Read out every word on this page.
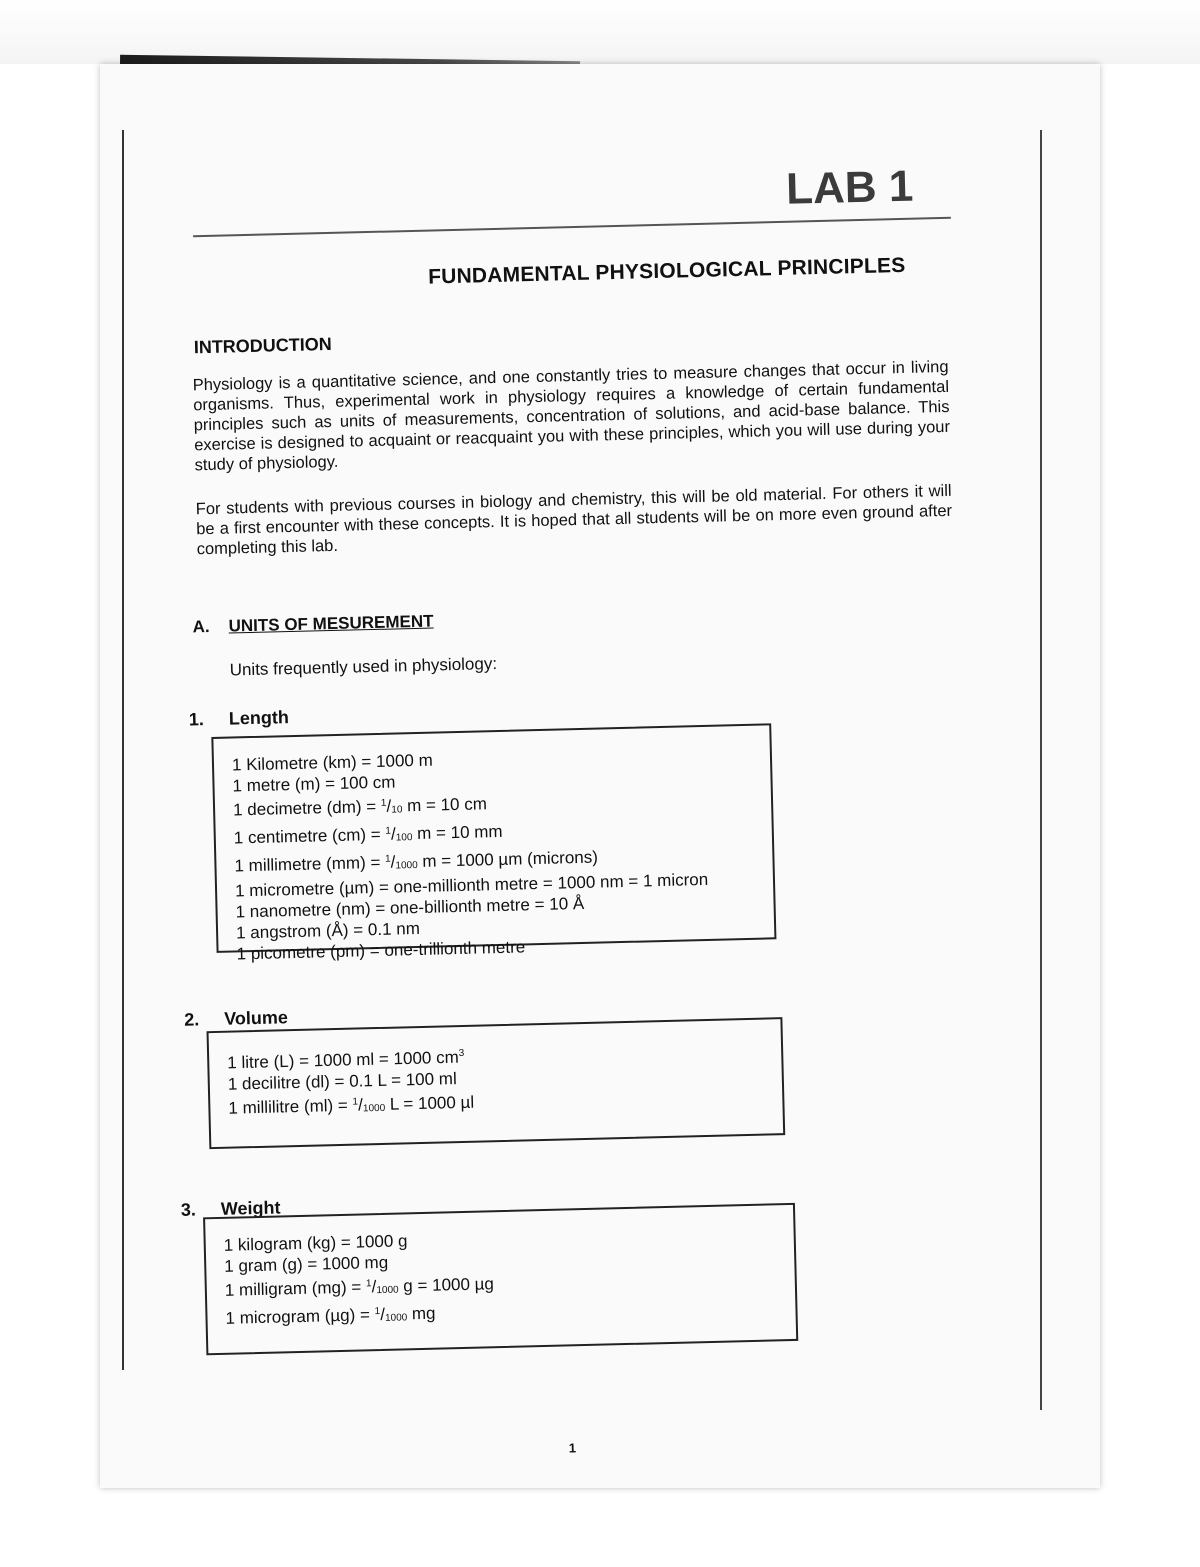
LAB 1
FUNDAMENTAL PHYSIOLOGICAL PRINCIPLES
INTRODUCTION
Physiology is a quantitative science, and one constantly tries to measure changes that occur in living organisms. Thus, experimental work in physiology requires a knowledge of certain fundamental principles such as units of measurements, concentration of solutions, and acid-base balance. This exercise is designed to acquaint or reacquaint you with these principles, which you will use during your study of physiology.
For students with previous courses in biology and chemistry, this will be old material. For others it will be a first encounter with these concepts. It is hoped that all students will be on more even ground after completing this lab.
A. UNITS OF MESUREMENT
Units frequently used in physiology:
1. Length
1 Kilometre (km) = 1000 m
1 metre (m) = 100 cm
1 decimetre $(dm) = ^1/_{10}$ m = 10 cm
1 centimetre $(cm) = ^1/_{100}$ m = 10 mm
1 millimetre $(mm) = ^1/_{1000}$ m = 1000 µm (microns)
1 micrometre (µm) = one-millionth metre = 1000 nm = 1 micron
1 nanometre (nm) = one-billionth metre = 10 Å
1 angstrom (Å) = 0.1 nm
1 picometre (pm) = one-trillionth metre
2. Volume
1 litre (L) = 1000 ml = 1000 $cm^3$
1 decilitre (dl) = 0.1 L = 100 ml
1 millilitre $(ml) = ^1/_{1000}$ L = 1000 µl
3. Weight
1 kilogram (kg) = 1000 g
1 gram (g) = 1000 mg
1 milligram $(mg) = ^1/_{1000}$ g = 1000 µg
1 microgram $(\mu g) = ^1/_{1000}$ mg
1
